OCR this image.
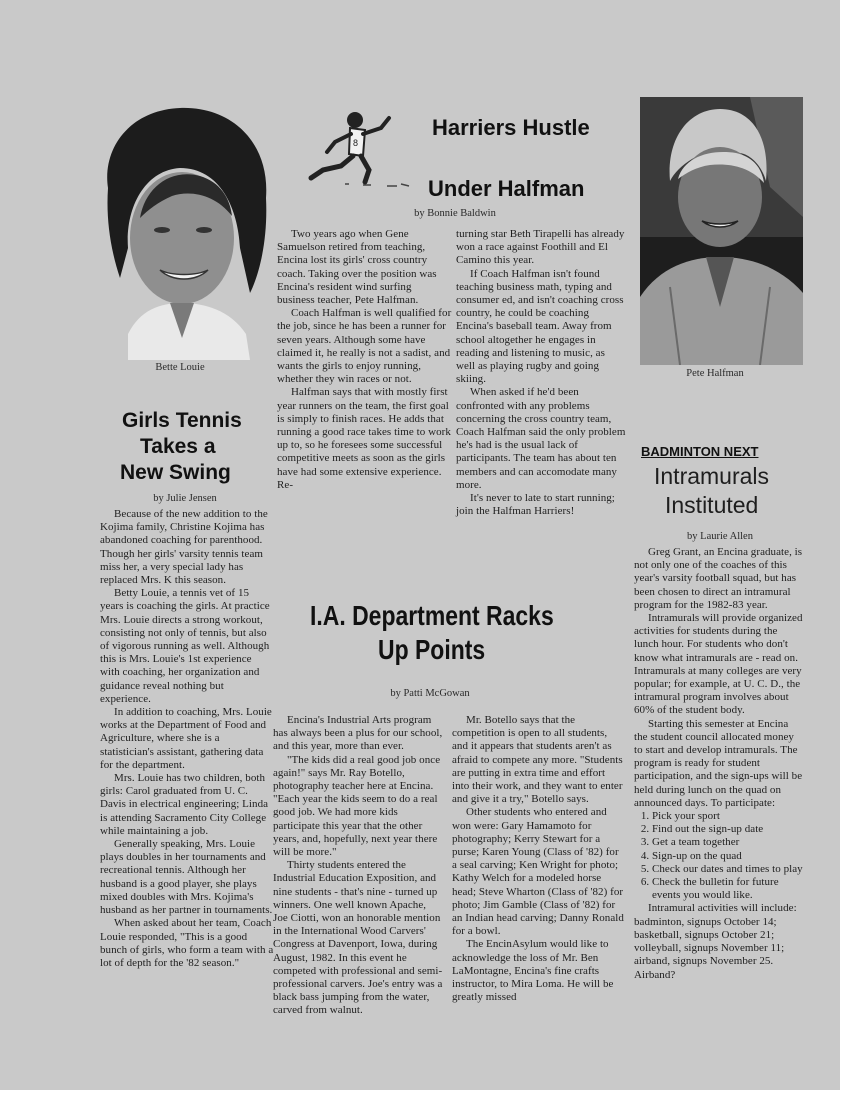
Bette Louie
8
Harriers Hustle
Under Halfman
by Bonnie Baldwin

Two years ago when Gene Samuelson retired from teaching, Encina lost its girls' cross country coach. Taking over the position was Encina's resident wind surfing business teacher, Pete Halfman.

Coach Halfman is well qualified for the job, since he has been a runner for seven years. Although some have claimed it, he really is not a sadist, and wants the girls to enjoy running, whether they win races or not.

Halfman says that with mostly first year runners on the team, the first goal is simply to finish races. He adds that running a good race takes time to work up to, so he foresees some successful competitive meets as soon as the girls have had some extensive experience. Re-

turning star Beth Tirapelli has already won a race against Foothill and El Camino this year.

If Coach Halfman isn't found teaching business math, typing and consumer ed, and isn't coaching cross country, he could be coaching Encina's baseball team. Away from school altogether he engages in reading and listening to music, as well as playing rugby and going skiing.

When asked if he'd been confronted with any problems concerning the cross country team, Coach Halfman said the only problem he's had is the usual lack of participants. The team has about ten members and can accomodate many more.

It's never to late to start running; join the Halfman Harriers!

Pete Halfman
Girls Tennis
Takes a
New Swing
by Julie Jensen

Because of the new addition to the Kojima family, Christine Kojima has abandoned coaching for parenthood. Though her girls' varsity tennis team miss her, a very special lady has replaced Mrs. K this season.

Betty Louie, a tennis vet of 15 years is coaching the girls. At practice Mrs. Louie directs a strong workout, consisting not only of tennis, but also of vigorous running as well. Although this is Mrs. Louie's 1st experience with coaching, her organization and guidance reveal nothing but experience.

In addition to coaching, Mrs. Louie works at the Department of Food and Agriculture, where she is a statistician's assistant, gathering data for the department.

Mrs. Louie has two children, both girls: Carol graduated from U. C. Davis in electrical engineering; Linda is attending Sacramento City College while maintaining a job.

Generally speaking, Mrs. Louie plays doubles in her tournaments and recreational tennis. Although her husband is a good player, she plays mixed doubles with Mrs. Kojima's husband as her partner in tournaments.

When asked about her team, Coach Louie responded, "This is a good bunch of girls, who form a team with a lot of depth for the '82 season."

I.A. Department Racks
Up Points
by Patti McGowan

Encina's Industrial Arts program has always been a plus for our school, and this year, more than ever.

"The kids did a real good job once again!" says Mr. Ray Botello, photography teacher here at Encina. "Each year the kids seem to do a real good job. We had more kids participate this year that the other years, and, hopefully, next year there will be more."

Thirty students entered the Industrial Education Exposition, and nine students - that's nine - turned up winners. One well known Apache, Joe Ciotti, won an honorable mention in the International Wood Carvers' Congress at Davenport, Iowa, during August, 1982. In this event he competed with professional and semi-professional carvers. Joe's entry was a black bass jumping from the water, carved from walnut.

Mr. Botello says that the competition is open to all students, and it appears that students aren't as afraid to compete any more. "Students are putting in extra time and effort into their work, and they want to enter and give it a try," Botello says.

Other students who entered and won were: Gary Hamamoto for photography; Kerry Stewart for a purse; Karen Young (Class of '82) for a seal carving; Ken Wright for photo; Kathy Welch for a modeled horse head; Steve Wharton (Class of '82) for photo; Jim Gamble (Class of '82) for an Indian head carving; Danny Ronald for a bowl.

The EncinAsylum would like to acknowledge the loss of Mr. Ben LaMontagne, Encina's fine crafts instructor, to Mira Loma. He will be greatly missed

BADMINTON NEXT
Intramurals
Instituted
by Laurie Allen

Greg Grant, an Encina graduate, is not only one of the coaches of this year's varsity football squad, but has been chosen to direct an intramural program for the 1982-83 year.

Intramurals will provide organized activities for students during the lunch hour. For students who don't know what intramurals are - read on. Intramurals at many colleges are very popular; for example, at U. C. D., the intramural program involves about 60% of the student body.

Starting this semester at Encina the student council allocated money to start and develop intramurals. The program is ready for student participation, and the sign-ups will be held during lunch on the quad on announced days. To participate:

1. Pick your sport
2. Find out the sign-up date
3. Get a team together
4. Sign-up on the quad
5. Check our dates and times to play
6. Check the bulletin for future events you would like.

Intramural activities will include: badminton, signups October 14; basketball, signups October 21; volleyball, signups November 11; airband, signups November 25.

Airband?
